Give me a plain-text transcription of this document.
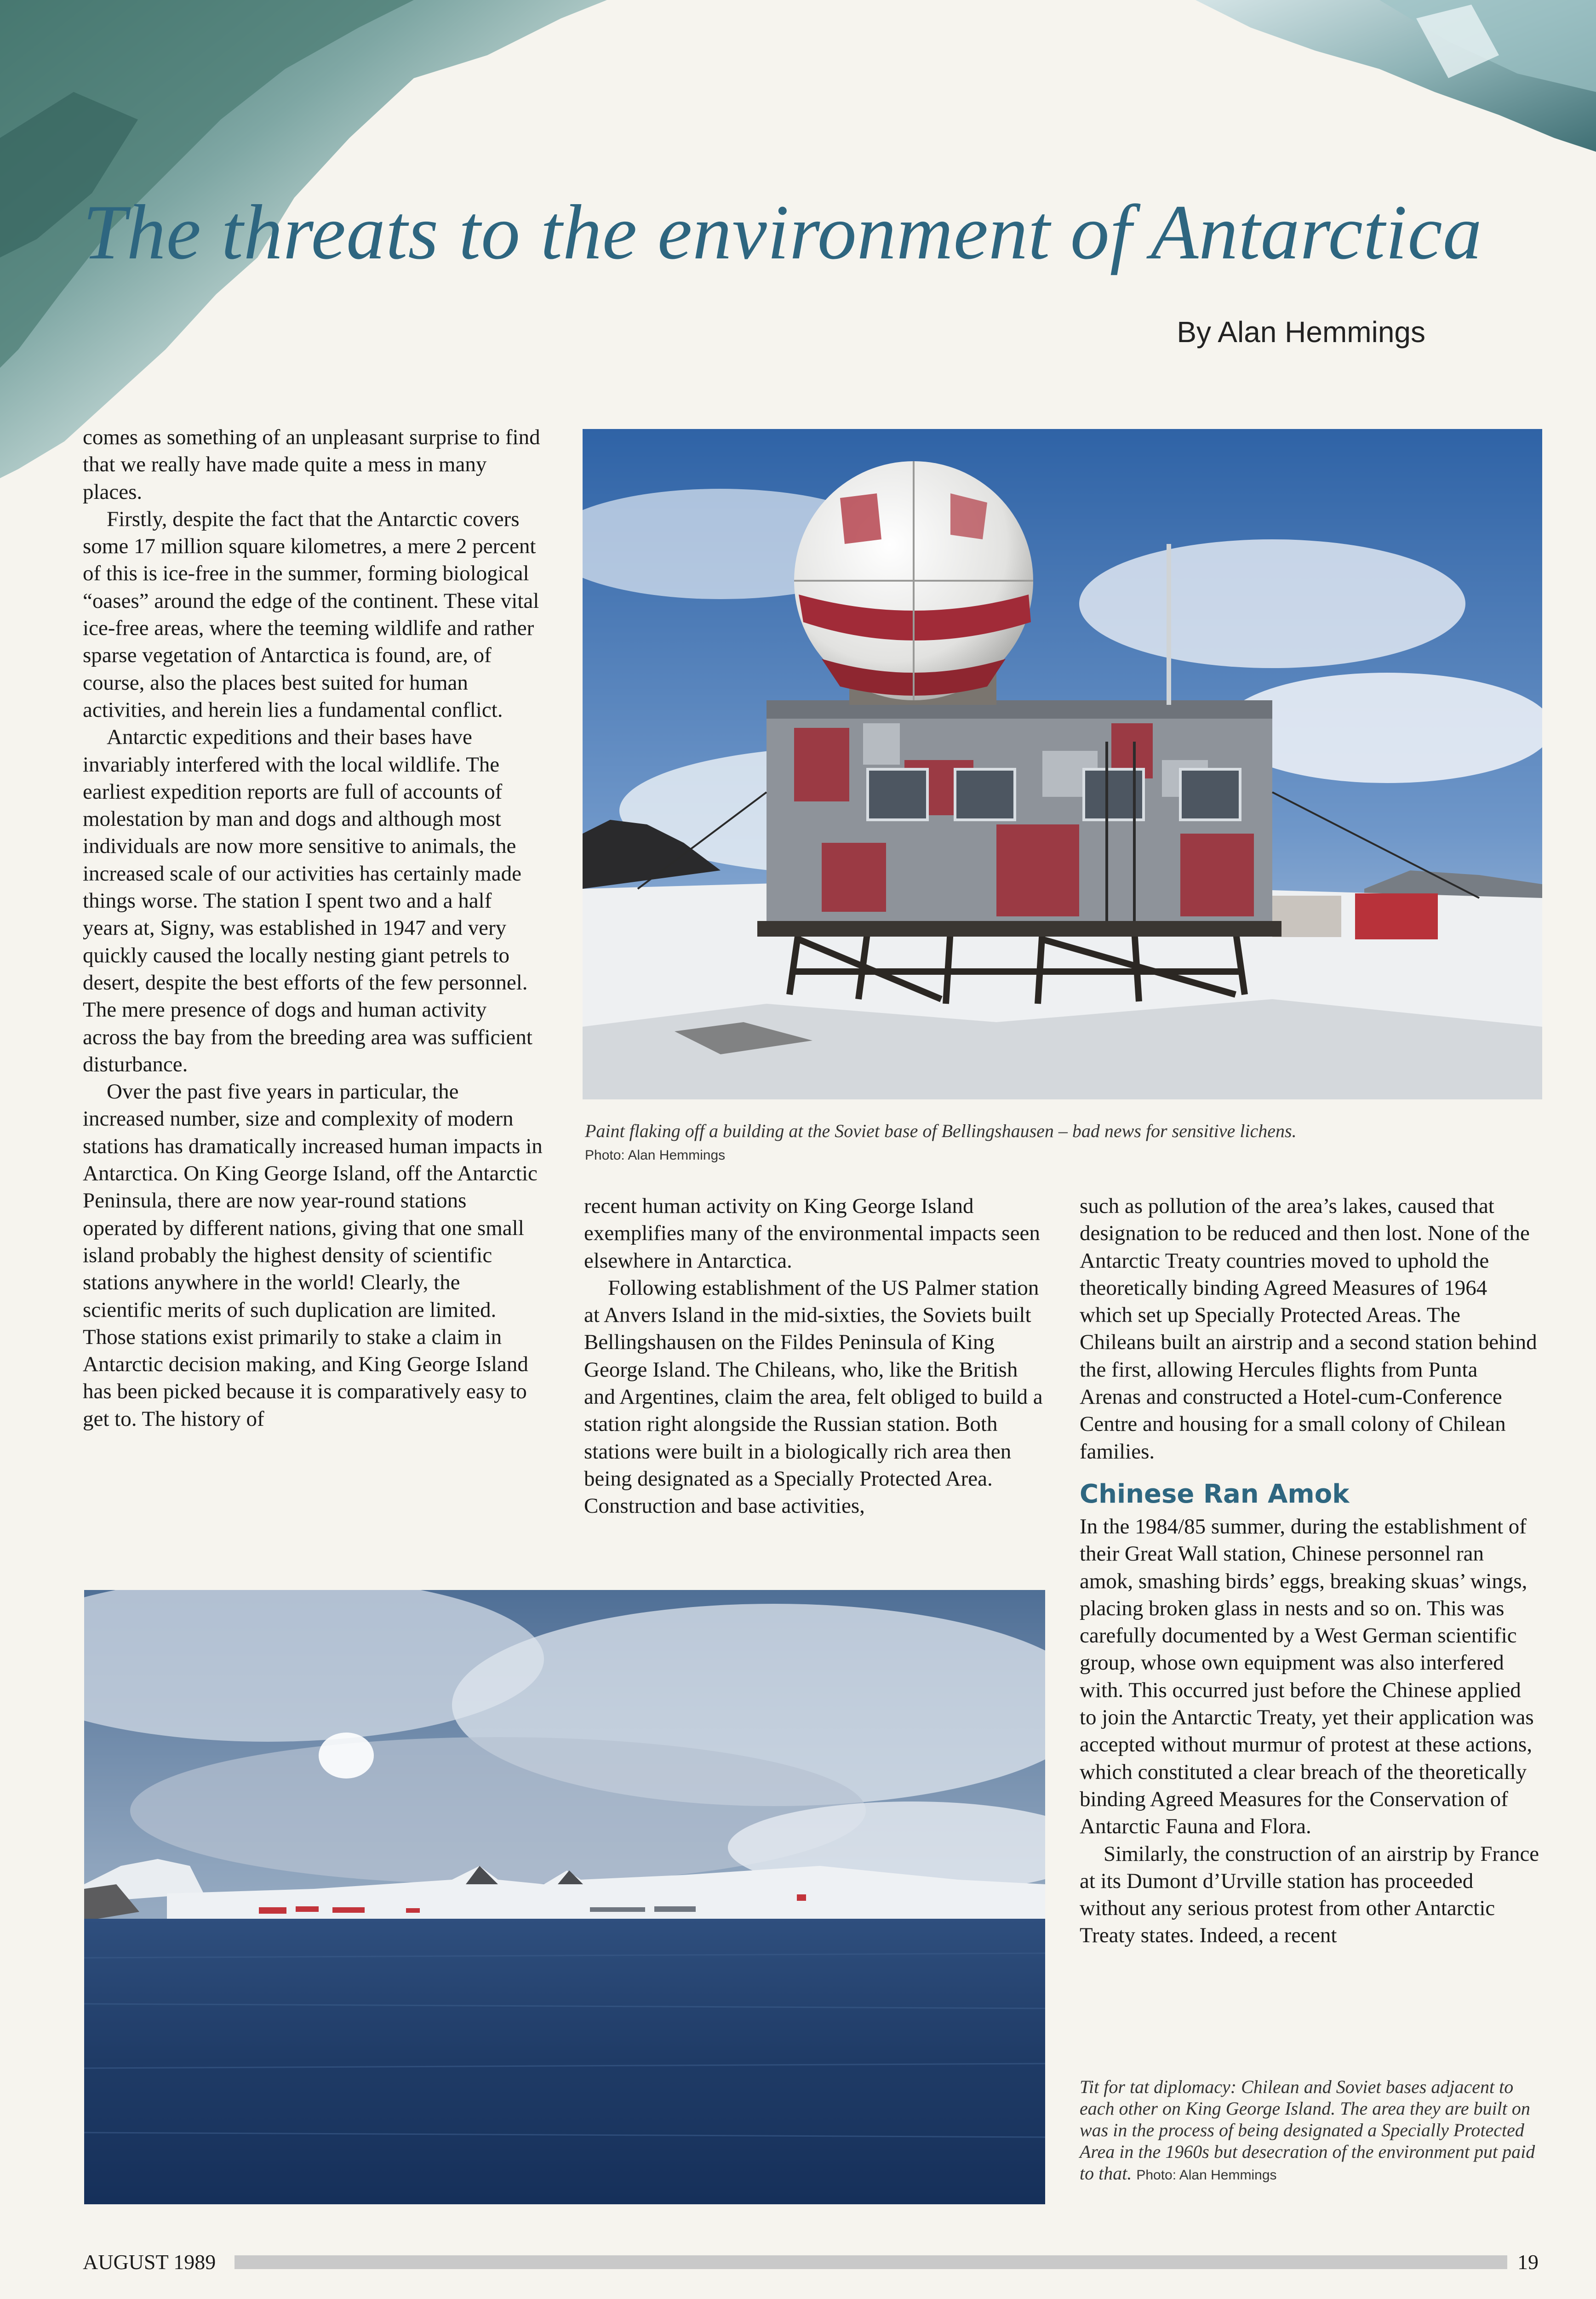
The threats to the environment of Antarctica
By Alan Hemmings

comes as something of an unpleasant surprise to find that we really have made quite a mess in many places.

Firstly, despite the fact that the Antarctic covers some 17 million square kilometres, a mere 2 percent of this is ice-free in the summer, forming biological “oases” around the edge of the continent. These vital ice-free areas, where the teeming wildlife and rather sparse vegetation of Antarctica is found, are, of course, also the places best suited for human activities, and herein lies a fundamental conflict.

Antarctic expeditions and their bases have invariably interfered with the local wildlife. The earliest expedition reports are full of accounts of molestation by man and dogs and although most individuals are now more sensitive to animals, the increased scale of our activities has certainly made things worse. The station I spent two and a half years at, Signy, was established in 1947 and very quickly caused the locally nesting giant petrels to desert, despite the best efforts of the few personnel. The mere presence of dogs and human activity across the bay from the breeding area was sufficient disturbance.

Over the past five years in particular, the increased number, size and complexity of modern stations has dramatically increased human impacts in Antarctica. On King George Island, off the Antarctic Peninsula, there are now year-round stations operated by different nations, giving that one small island probably the highest density of scientific stations anywhere in the world! Clearly, the scientific merits of such duplication are limited. Those stations exist primarily to stake a claim in Antarctic decision making, and King George Island has been picked because it is comparatively easy to get to. The history of

Paint flaking off a building at the Soviet base of Bellingshausen – bad news for sensitive lichens.
Photo: Alan Hemmings

recent human activity on King George Island exemplifies many of the environmental impacts seen elsewhere in Antarctica.

Following establishment of the US Palmer station at Anvers Island in the mid-sixties, the Soviets built Bellingshausen on the Fildes Peninsula of King George Island. The Chileans, who, like the British and Argentines, claim the area, felt obliged to build a station right alongside the Russian station. Both stations were built in a biologically rich area then being designated as a Specially Protected Area. Construction and base activities,

such as pollution of the area’s lakes, caused that designation to be reduced and then lost. None of the Antarctic Treaty countries moved to uphold the theoretically binding Agreed Measures of 1964 which set up Specially Protected Areas. The Chileans built an airstrip and a second station behind the first, allowing Hercules flights from Punta Arenas and constructed a Hotel-cum-Conference Centre and housing for a small colony of Chilean families.

Chinese Ran Amok

In the 1984/85 summer, during the establishment of their Great Wall station, Chinese personnel ran amok, smashing birds’ eggs, breaking skuas’ wings, placing broken glass in nests and so on. This was carefully documented by a West German scientific group, whose own equipment was also interfered with. This occurred just before the Chinese applied to join the Antarctic Treaty, yet their application was accepted without murmur of protest at these actions, which constituted a clear breach of the theoretically binding Agreed Measures for the Conservation of Antarctic Fauna and Flora.

Similarly, the construction of an airstrip by France at its Dumont d’Urville station has proceeded without any serious protest from other Antarctic Treaty states. Indeed, a recent

Tit for tat diplomacy: Chilean and Soviet bases adjacent to each other on King George Island. The area they are built on was in the process of being designated a Specially Protected Area in the 1960s but desecration of the environment put paid to that. Photo: Alan Hemmings
AUGUST 1989	19
